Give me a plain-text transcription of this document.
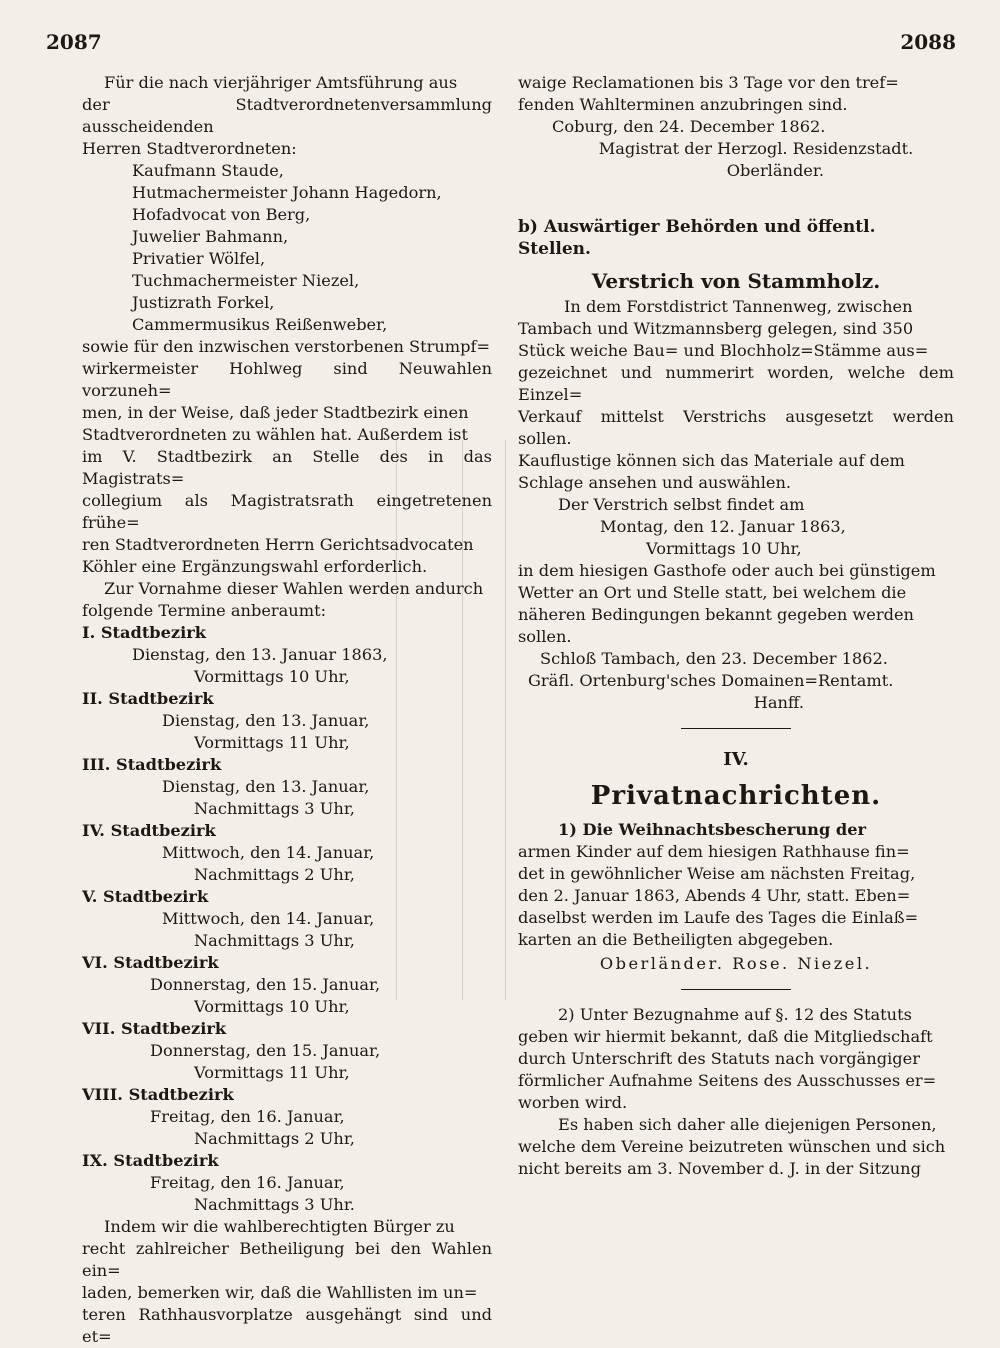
2087	2088

Für die nach vierjähriger Amtsführung aus

der Stadtverordnetenversammlung ausscheidenden

Herren Stadtverordneten:

Kaufmann Staude,

Hutmachermeister Johann Hagedorn,

Hofadvocat von Berg,

Juwelier Bahmann,

Privatier Wölfel,

Tuchmachermeister Niezel,

Justizrath Forkel,

Cammermusikus Reißenweber,

sowie für den inzwischen verstorbenen Strumpf=

wirkermeister Hohlweg sind Neuwahlen vorzuneh=

men, in der Weise, daß jeder Stadtbezirk einen

Stadtverordneten zu wählen hat. Außerdem ist

im V. Stadtbezirk an Stelle des in das Magistrats=

collegium als Magistratsrath eingetretenen frühe=

ren Stadtverordneten Herrn Gerichtsadvocaten

Köhler eine Ergänzungswahl erforderlich.

Zur Vornahme dieser Wahlen werden andurch

folgende Termine anberaumt:

I. Stadtbezirk

Dienstag, den 13. Januar 1863,

Vormittags 10 Uhr,

II. Stadtbezirk

Dienstag, den 13. Januar,

Vormittags 11 Uhr,

III. Stadtbezirk

Dienstag, den 13. Januar,

Nachmittags 3 Uhr,

IV. Stadtbezirk

Mittwoch, den 14. Januar,

Nachmittags 2 Uhr,

V. Stadtbezirk

Mittwoch, den 14. Januar,

Nachmittags 3 Uhr,

VI. Stadtbezirk

Donnerstag, den 15. Januar,

Vormittags 10 Uhr,

VII. Stadtbezirk

Donnerstag, den 15. Januar,

Vormittags 11 Uhr,

VIII. Stadtbezirk

Freitag, den 16. Januar,

Nachmittags 2 Uhr,

IX. Stadtbezirk

Freitag, den 16. Januar,

Nachmittags 3 Uhr.

Indem wir die wahlberechtigten Bürger zu

recht zahlreicher Betheiligung bei den Wahlen ein=

laden, bemerken wir, daß die Wahllisten im un=

teren Rathhausvorplatze ausgehängt sind und et=

waige Reclamationen bis 3 Tage vor den tref=

fenden Wahlterminen anzubringen sind.

Coburg, den 24. December 1862.

Magistrat der Herzogl. Residenzstadt.

Oberländer.

b) Auswärtiger Behörden und öffentl. Stellen.

Verstrich von Stammholz.

In dem Forstdistrict Tannenweg, zwischen

Tambach und Witzmannsberg gelegen, sind 350

Stück weiche Bau= und Blochholz=Stämme aus=

gezeichnet und nummerirt worden, welche dem Einzel=

Verkauf mittelst Verstrichs ausgesetzt werden sollen.

Kauflustige können sich das Materiale auf dem

Schlage ansehen und auswählen.

Der Verstrich selbst findet am

Montag, den 12. Januar 1863,

Vormittags 10 Uhr,

in dem hiesigen Gasthofe oder auch bei günstigem

Wetter an Ort und Stelle statt, bei welchem die

näheren Bedingungen bekannt gegeben werden sollen.

Schloß Tambach, den 23. December 1862.

Gräfl. Ortenburg'sches Domainen=Rentamt.

Hanff.

IV.

Privatnachrichten.

1) Die Weihnachtsbescherung der

armen Kinder auf dem hiesigen Rathhause fin=

det in gewöhnlicher Weise am nächsten Freitag,

den 2. Januar 1863, Abends 4 Uhr, statt. Eben=

daselbst werden im Laufe des Tages die Einlaß=

karten an die Betheiligten abgegeben.

Oberländer. Rose. Niezel.

2) Unter Bezugnahme auf §. 12 des Statuts

geben wir hiermit bekannt, daß die Mitgliedschaft

durch Unterschrift des Statuts nach vorgängiger

förmlicher Aufnahme Seitens des Ausschusses er=

worben wird.

Es haben sich daher alle diejenigen Personen,

welche dem Vereine beizutreten wünschen und sich

nicht bereits am 3. November d. J. in der Sitzung
